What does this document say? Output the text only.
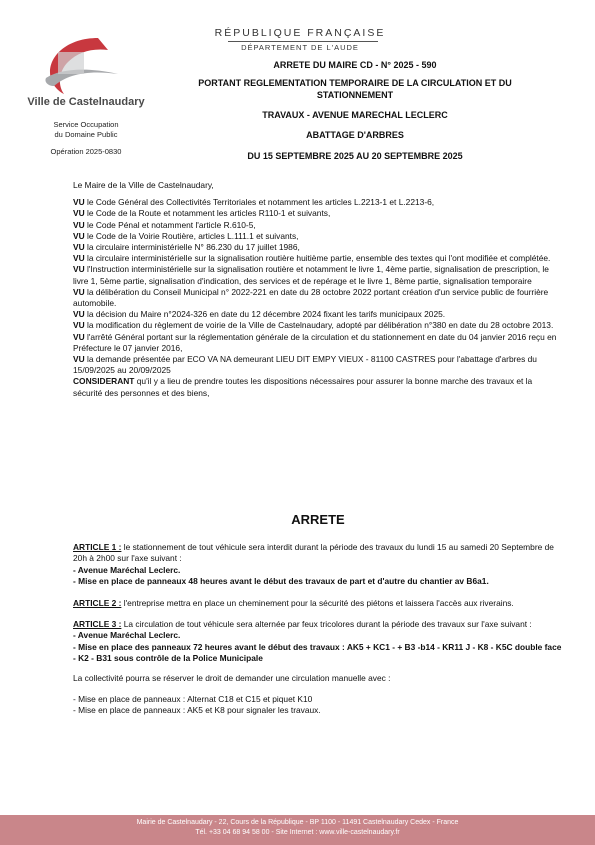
Ville de Castelnaudary
Service Occupation
du Domaine Public
Opération 2025-0830
RÉPUBLIQUE FRANÇAISE
DÉPARTEMENT DE L'AUDE
ARRETE DU MAIRE CD - N° 2025 - 590
PORTANT REGLEMENTATION TEMPORAIRE DE LA CIRCULATION ET DU
STATIONNEMENT
TRAVAUX - AVENUE MARECHAL LECLERC
ABATTAGE D'ARBRES
DU 15 SEPTEMBRE 2025 AU 20 SEPTEMBRE 2025

Le Maire de la Ville de Castelnaudary,

VU le Code Général des Collectivités Territoriales et notamment les articles L.2213-1 et L.2213-6,

VU le Code de la Route et notamment les articles R110-1 et suivants,

VU le Code Pénal et notamment l'article R.610-5,

VU le Code de la Voirie Routière, articles L.111.1 et suivants,

VU la circulaire interministérielle N° 86.230 du 17 juillet 1986,

VU la circulaire interministérielle sur la signalisation routière huitième partie, ensemble des textes qui l'ont modifiée et complétée.

VU l'Instruction interministérielle sur la signalisation routière et notamment le livre 1, 4ème partie, signalisation de prescription, le livre 1, 5ème partie, signalisation d'indication, des services et de repérage et le livre 1, 8ème partie, signalisation temporaire

VU la délibération du Conseil Municipal n° 2022-221 en date du 28 octobre 2022 portant création d'un service public de fourrière automobile.

VU la décision du Maire n°2024-326 en date du 12 décembre 2024 fixant les tarifs municipaux 2025.

VU la modification du règlement de voirie de la Ville de Castelnaudary, adopté par délibération n°380 en date du 28 octobre 2013.

VU l'arrêté Général portant sur la réglementation générale de la circulation et du stationnement en date du 04 janvier 2016 reçu en Préfecture le 07 janvier 2016,

VU la demande présentée par ECO VA NA demeurant LIEU DIT EMPY VIEUX - 81100 CASTRES pour l'abattage d'arbres du 15/09/2025 au 20/09/2025

CONSIDERANT qu'il y a lieu de prendre toutes les dispositions nécessaires pour assurer la bonne marche des travaux et la sécurité des personnes et des biens,

ARRETE
ARTICLE 1 : le stationnement de tout véhicule sera interdit durant la période des travaux du lundi 15 au samedi 20 Septembre de 20h à 2h00 sur l'axe suivant :
- Avenue Maréchal Leclerc.
- Mise en place de panneaux 48 heures avant le début des travaux de part et d'autre du chantier av B6a1.
ARTICLE 2 : l'entreprise mettra en place un cheminement pour la sécurité des piétons et laissera l'accès aux riverains.
ARTICLE 3 : La circulation de tout véhicule sera alternée par feux tricolores durant la période des travaux sur l'axe suivant :
- Avenue Maréchal Leclerc.
- Mise en place des panneaux 72 heures avant le début des travaux : AK5 + KC1 - + B3 -b14 - KR11 J - K8 - K5C double face - K2 - B31 sous contrôle de la Police Municipale
La collectivité pourra se réserver le droit de demander une circulation manuelle avec :
- Mise en place de panneaux : Alternat C18 et C15 et piquet K10
- Mise en place de panneaux : AK5 et K8 pour signaler les travaux.
Mairie de Castelnaudary - 22, Cours de la République - BP 1100 - 11491 Castelnaudary Cedex - France
Tél. +33 04 68 94 58 00 - Site Internet : www.ville-castelnaudary.fr
